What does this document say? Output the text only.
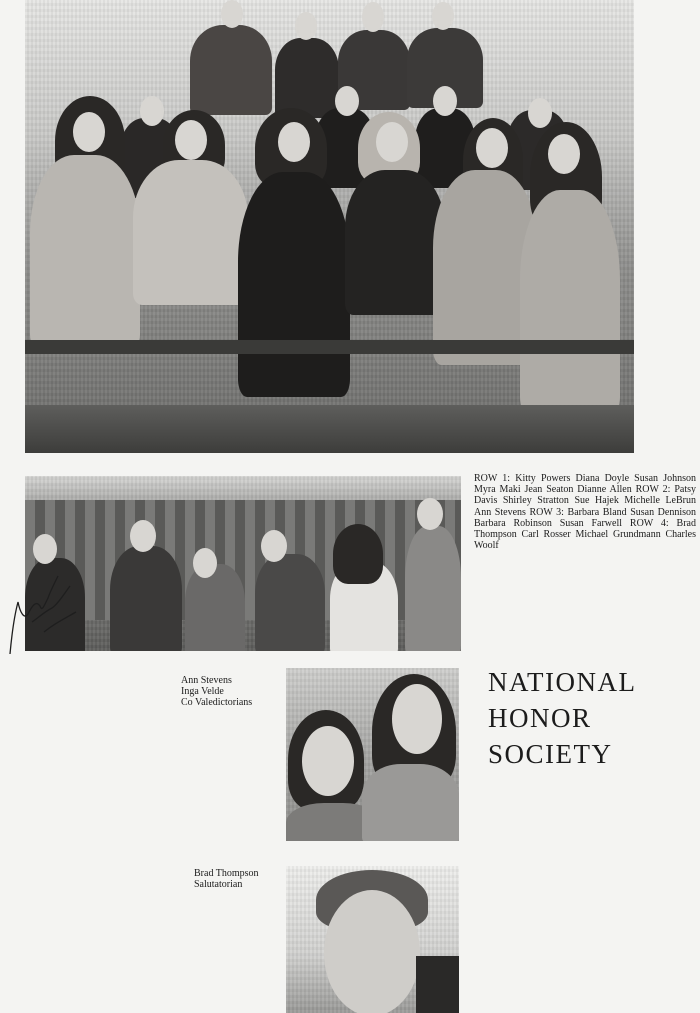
ROW 1: Kitty Powers Diana Doyle Susan Johnson Myra Maki Jean Seaton Dianne Allen ROW 2: Patsy Davis Shirley Stratton Sue Hajek Michelle LeBrun Ann Stevens ROW 3: Barbara Bland Susan Dennison Barbara Robinson Susan Farwell ROW 4: Brad Thompson Carl Rosser Michael Grundmann Charles Woolf
Ann Stevens
Inga Velde
Co Valedictorians
NATIONAL
HONOR
SOCIETY
Brad Thompson
Salutatorian
